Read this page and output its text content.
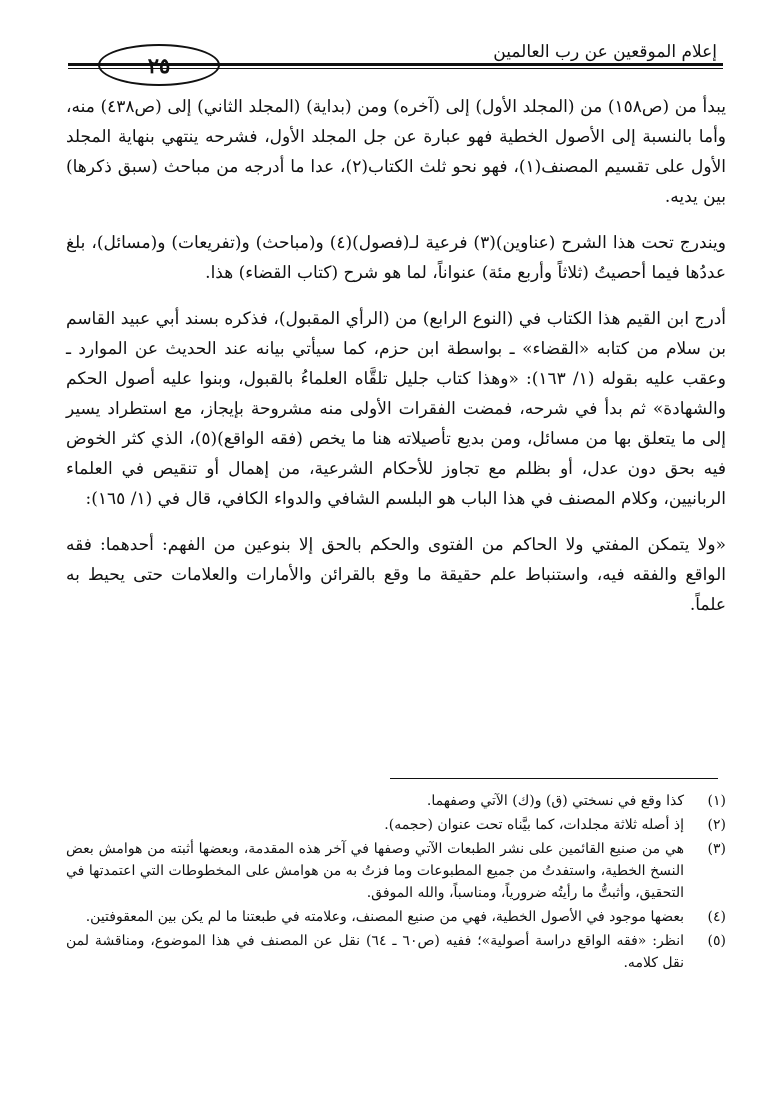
إعلام الموقعين عن رب العالمين

يبدأ من (ص١٥٨) من (المجلد الأول) إلى (آخره) ومن (بداية) (المجلد الثاني) إلى (ص٤٣٨) منه، وأما بالنسبة إلى الأصول الخطية فهو عبارة عن جل المجلد الأول، فشرحه ينتهي بنهاية المجلد الأول على تقسيم المصنف(١)، فهو نحو ثلث الكتاب(٢)، عدا ما أدرجه من مباحث (سبق ذكرها) بين يديه.

ويندرج تحت هذا الشرح (عناوين)(٣) فرعية لـ(فصول)(٤) و(مباحث) و(تفريعات) و(مسائل)، بلغ عددُها فيما أحصيتُ (ثلاثاً وأربع مئة) عنواناً، لما هو شرح (كتاب القضاء) هذا.

أدرج ابن القيم هذا الكتاب في (النوع الرابع) من (الرأي المقبول)، فذكره بسند أبي عبيد القاسم بن سلام من كتابه «القضاء» ـ بواسطة ابن حزم، كما سيأتي بيانه عند الحديث عن الموارد ـ وعقب عليه بقوله (١/ ١٦٣): «وهذا كتاب جليل تلقَّاه العلماءُ بالقبول، وبنوا عليه أصول الحكم والشهادة» ثم بدأ في شرحه، فمضت الفقرات الأولى منه مشروحة بإيجاز، مع استطراد يسير إلى ما يتعلق بها من مسائل، ومن بديع تأصيلاته هنا ما يخص (فقه الواقع)(٥)، الذي كثر الخوض فيه بحق دون عدل، أو بظلم مع تجاوز للأحكام الشرعية، من إهمال أو تنقيص في العلماء الربانيين، وكلام المصنف في هذا الباب هو البلسم الشافي والدواء الكافي، قال في (١/ ١٦٥):

«ولا يتمكن المفتي ولا الحاكم من الفتوى والحكم بالحق إلا بنوعين من الفهم: أحدهما: فقه الواقع والفقه فيه، واستنباط علم حقيقة ما وقع بالقرائن والأمارات والعلامات حتى يحيط به علماً.

(١)
كذا وقع في نسختي (ق) و(ك) الآتي وصفهما.
(٢)
إذ أصله ثلاثة مجلدات، كما بيَّناه تحت عنوان (حجمه).
(٣)
هي من صنيع القائمين على نشر الطبعات الآتي وصفها في آخر هذه المقدمة، وبعضها أثبته من هوامش بعض النسخ الخطية، واستفدتُ من جميع المطبوعات وما فزتُ به من هوامش على المخطوطات التي اعتمدتها في التحقيق، وأثبتُّ ما رأيتُه ضرورياً، ومناسباً، والله الموفق.
(٤)
بعضها موجود في الأصول الخطية، فهي من صنيع المصنف، وعلامته في طبعتنا ما لم يكن بين المعقوفتين.
(٥)
انظر: «فقه الواقع دراسة أصولية»؛ ففيه (ص٦٠ ـ ٦٤) نقل عن المصنف في هذا الموضوع، ومناقشة لمن نقل كلامه.
